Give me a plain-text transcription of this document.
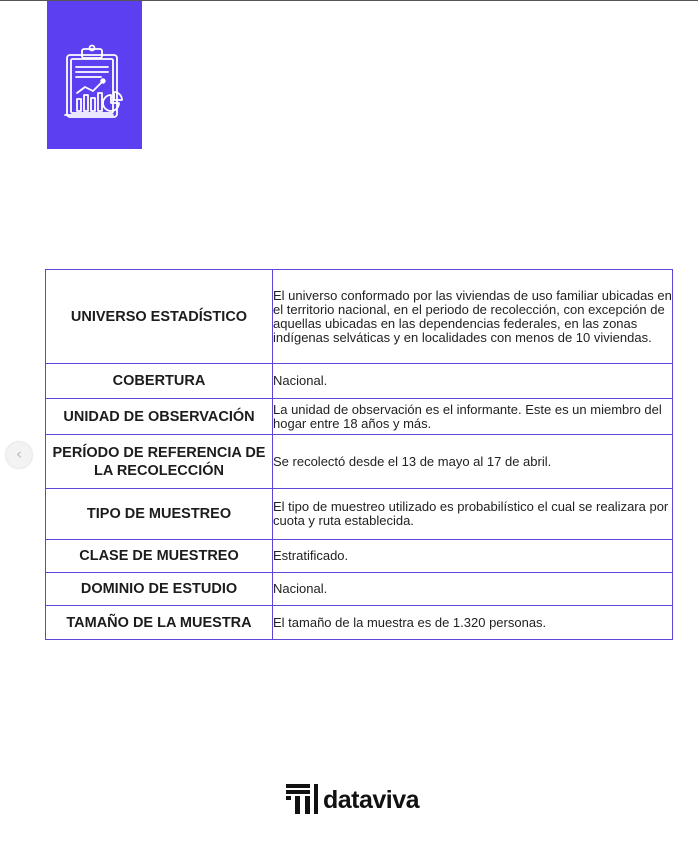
‹
UNIVERSO ESTADÍSTICO	El universo conformado por las viviendas de uso familiar ubicadas en el territorio nacional, en el periodo de recolección, con excepción de aquellas ubicadas en las dependencias federales, en las zonas indígenas selváticas y en localidades con menos de 10 viviendas.
COBERTURA	Nacional.
UNIDAD DE OBSERVACIÓN	La unidad de observación es el informante. Este es un miembro del hogar entre 18 años y más.
PERÍODO DE REFERENCIA DE LA RECOLECCIÓN	Se recolectó desde el 13 de mayo al 17 de abril.
TIPO DE MUESTREO	El tipo de muestreo utilizado es probabilístico el cual se realizara por cuota y ruta establecida.
CLASE DE MUESTREO	Estratificado.
DOMINIO DE ESTUDIO	Nacional.
TAMAÑO DE LA MUESTRA	El tamaño de la muestra es de 1.320 personas.
dataviva
